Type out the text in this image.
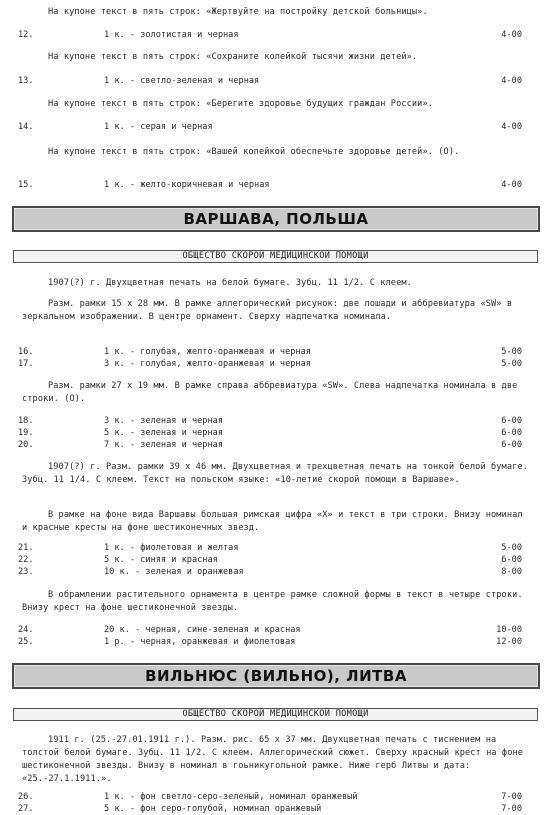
На купоне текст в пять строк: «Жертвуйте на постройку детской больницы».
12.	1 к. - золотистая и черная	4-00
На купоне текст в пять строк: «Сохраните копейкой тысячи жизни детей».
13.	1 к. - светло-зеленая и черная	4-00
На купоне текст в пять строк: «Берегите здоровье будущих граждан России».
14.	1 к. - серая и черная	4-00
На купоне текст в пять строк: «Вашей копейкой обеспечьте здоровье детей». (О).
15.	1 к. - желто-коричневая и черная	4-00
ВАРШАВА, ПОЛЬША
ОБЩЕСТВО СКОРОЙ МЕДИЦИНСКОЙ ПОМОЩИ
1907(?) г. Двухцветная печать на белой бумаге. Зубц. 11 1/2. С клеем.
Разм. рамки 15 х 28 мм. В рамке аллегорический рисунок: две лошади и аббревиатура «SW» в зеркальном изображении. В центре орнамент. Сверху надпечатка номинала.
16.	1 к. - голубая, желто-оранжевая и черная	5-00
17.	3 к. - голубая, желто-оранжевая и черная	5-00
Разм. рамки 27 х 19 мм. В рамке справа аббревиатура «SW». Слева надпечатка номинала в две строки. (О).
18.	3 к. - зеленая и черная	6-00
19.	5 к. - зеленая и черная	6-00
20.	7 к. - зеленая и черная	6-00
1907(?) г. Разм. рамки 39 х 46 мм. Двухцветная и трехцветная печать на тонкой белой бумаге. Зубц. 11 1/4. С клеем. Текст на польском языке: «10-летие скорой помощи в Варшаве».
В рамке на фоне вида Варшавы большая римская цифра «Х» и текст в три строки. Внизу номинал и красные кресты на фоне шестиконечных звезд.
21.	1 к. - фиолетовая и желтая	5-00
22.	5 к. - синяя и красная	6-00
23.	10 к. - зеленая и оранжевая	8-00
В обрамлении растительного орнамента в центре рамке сложной формы в текст в четыре строки. Внизу крест на фоне шестиконечной звезды.
24.	20 к. - черная, сине-зеленая и красная	10-00
25.	1 р. - черная, оранжевая и фиолетовая	12-00
ВИЛЬНЮС (ВИЛЬНО), ЛИТВА
ОБЩЕСТВО СКОРОЙ МЕДИЦИНСКОЙ ПОМОЩИ
1911 г. (25.-27.01.1911 г.). Разм. рис. 65 х 37 мм. Двухцветная печать с тиснением на толстой белой бумаге. Зубц. 11 1/2. С клеем. Аллегорический сюжет. Сверху красный крест на фоне шестиконечной звезды. Внизу в номинал в гоьникугольной рамке. Ниже герб Литвы и дата: «25.-27.1.1911.».
26.	1 к. - фон светло-серо-зеленый, номинал оранжевый	7-00
27.	5 к. - фон серо-голубой, номинал оранжевый	7-00
